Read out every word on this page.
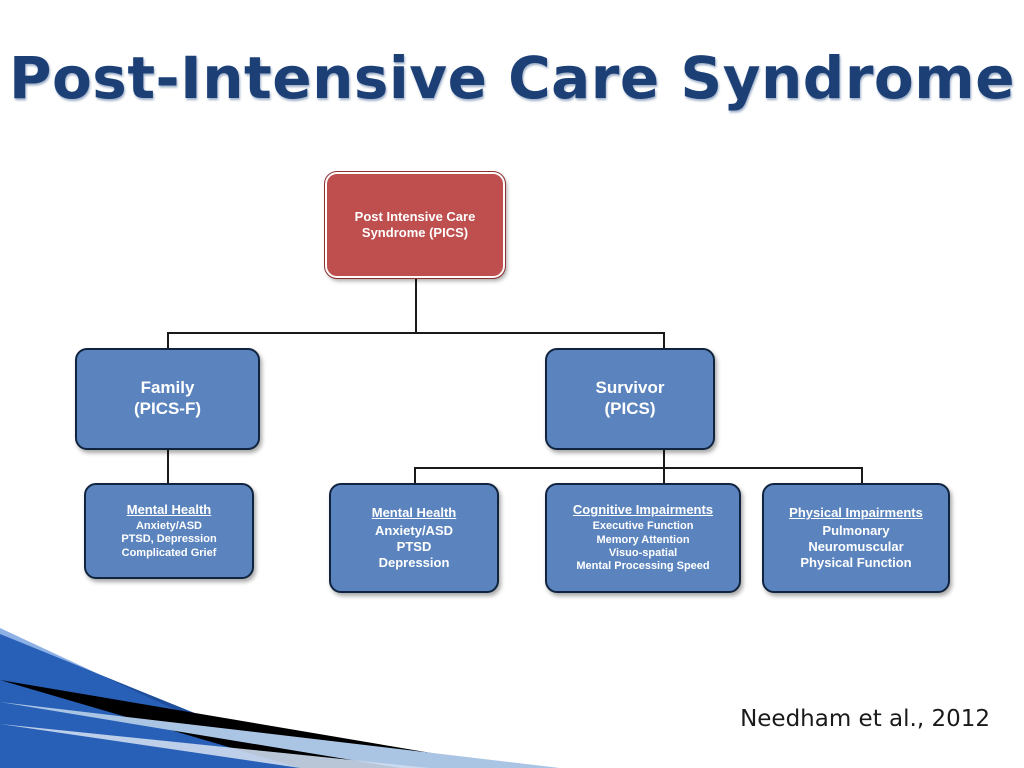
Post-Intensive Care Syndrome
Post Intensive Care
Syndrome (PICS)
Family
(PICS-F)
Survivor
(PICS)
Mental Health
Anxiety/ASD
PTSD, Depression
Complicated Grief
Mental Health
Anxiety/ASD
PTSD
Depression
Cognitive Impairments
Executive Function
Memory Attention
Visuo-spatial
Mental Processing Speed
Physical Impairments
Pulmonary
Neuromuscular
Physical Function
Needham et al., 2012
